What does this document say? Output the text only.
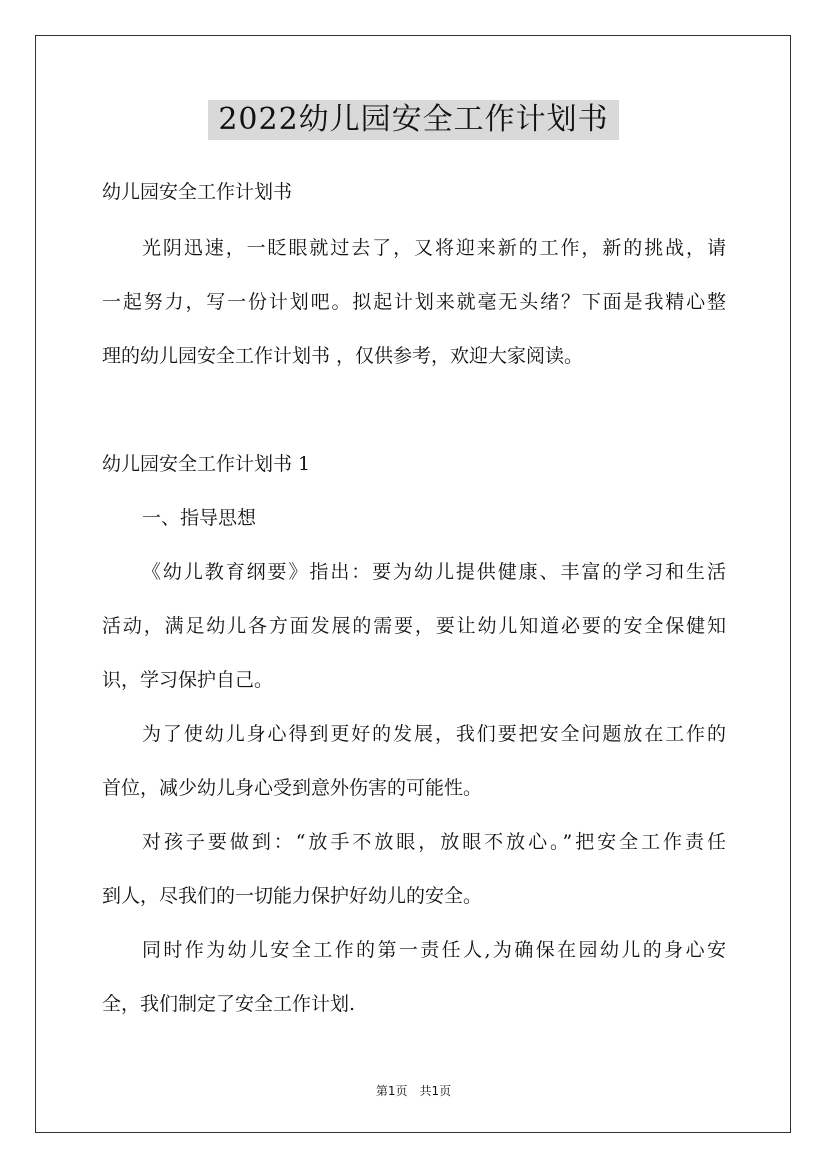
2022幼儿园安全工作计划书
幼儿园安全工作计划书
光阴迅速，一眨眼就过去了，又将迎来新的工作，新的挑战，请
一起努力，写一份计划吧。拟起计划来就毫无头绪？下面是我精心整
理的幼儿园安全工作计划书 ，仅供参考，欢迎大家阅读。
幼儿园安全工作计划书 1
一、指导思想
《幼儿教育纲要》指出：要为幼儿提供健康、丰富的学习和生活
活动，满足幼儿各方面发展的需要，要让幼儿知道必要的安全保健知
识，学习保护自己。
为了使幼儿身心得到更好的发展，我们要把安全问题放在工作的
首位，减少幼儿身心受到意外伤害的可能性。
对孩子要做到：“放手不放眼，放眼不放心。”把安全工作责任
到人，尽我们的一切能力保护好幼儿的安全。
同时作为幼儿安全工作的第一责任人,为确保在园幼儿的身心安
全，我们制定了安全工作计划.
第1页　共1页
